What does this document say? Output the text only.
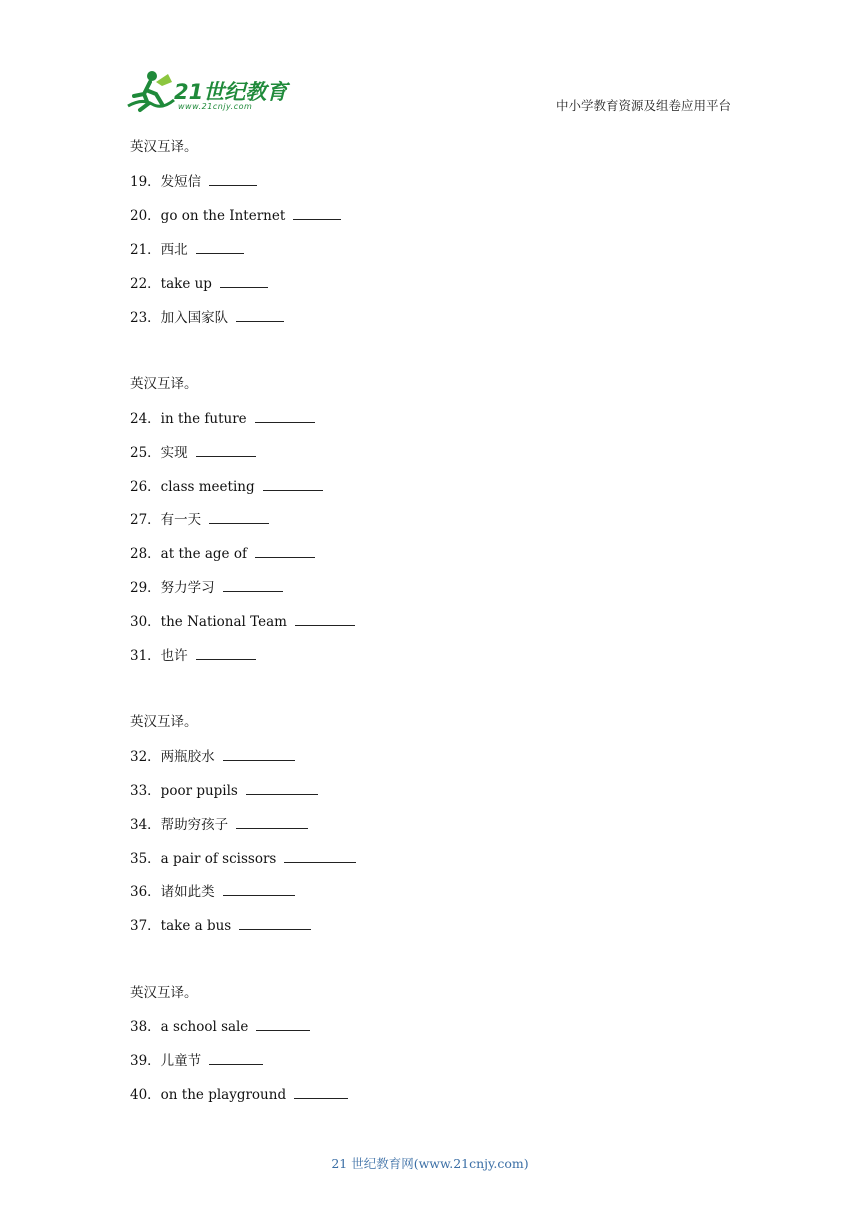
21世纪教育
www.21cnjy.com	中小学教育资源及组卷应用平台
英汉互译。
19．发短信
20．go on the Internet
21．西北
22．take up
23．加入国家队
英汉互译。
24．in the future
25．实现
26．class meeting
27．有一天
28．at the age of
29．努力学习
30．the National Team
31．也许
英汉互译。
32．两瓶胶水
33．poor pupils
34．帮助穷孩子
35．a pair of scissors
36．诸如此类
37．take a bus
英汉互译。
38．a school sale
39．儿童节
40．on the playground
21 世纪教育网(www.21cnjy.com)
